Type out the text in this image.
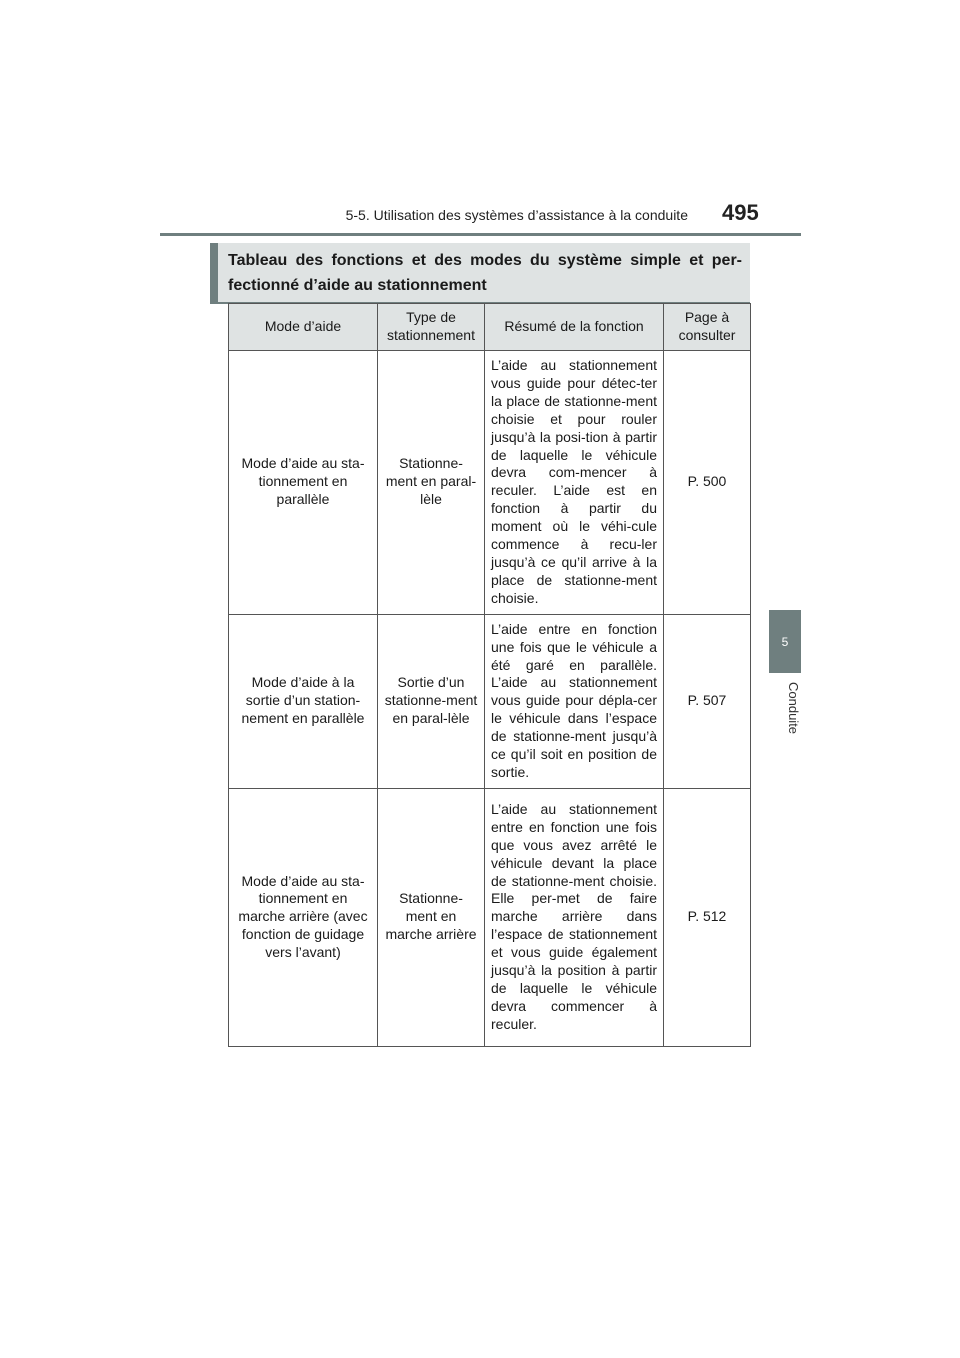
5-5. Utilisation des systèmes d’assistance à la conduite 495
Tableau des fonctions et des modes du système simple et per-fectionné d’aide au stationnement
5
Conduite
Mode d’aide	Type de stationnement	Résumé de la fonction	Page à consulter
Mode d’aide au sta-tionnement en parallèle	Stationne-ment en paral-lèle	L’aide au stationnement vous guide pour détec-ter la place de stationne-ment choisie et pour rouler jusqu’à la posi-tion à partir de laquelle le véhicule devra com-mencer à reculer. L’aide est en fonction à partir du moment où le véhi-cule commence à recu-ler jusqu’à ce qu’il arrive à la place de stationne-ment choisie.	P. 500
Mode d’aide à la sortie d’un station-nement en parallèle	Sortie d’un stationne-ment en paral-lèle	L’aide entre en fonction une fois que le véhicule a été garé en parallèle. L’aide au stationnement vous guide pour dépla-cer le véhicule dans l’espace de stationne-ment jusqu’à ce qu’il soit en position de sortie.	P. 507
Mode d’aide au sta-tionnement en marche arrière (avec fonction de guidage vers l’avant)	Stationne-ment en marche arrière	L’aide au stationnement entre en fonction une fois que vous avez arrêté le véhicule devant la place de stationne-ment choisie. Elle per-met de faire marche arrière dans l’espace de stationnement et vous guide également jusqu’à la position à partir de laquelle le véhicule devra commencer à reculer.	P. 512
